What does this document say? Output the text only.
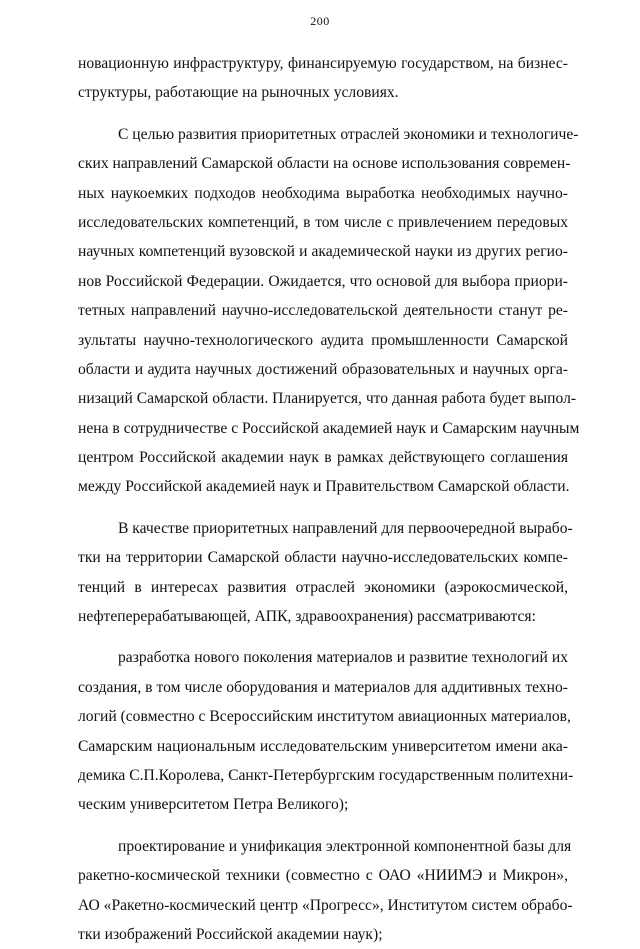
200
новационную инфраструктуру, финансируемую государством, на бизнес-
структуры, работающие на рыночных условиях.
С целью развития приоритетных отраслей экономики и технологиче-
ских направлений Самарской области на основе использования современ-
ных наукоемких подходов необходима выработка необходимых научно-
исследовательских компетенций, в том числе с привлечением передовых
научных компетенций вузовской и академической науки из других регио-
нов Российской Федерации. Ожидается, что основой для выбора приори-
тетных направлений научно-исследовательской деятельности станут ре-
зультаты научно-технологического аудита промышленности Самарской
области и аудита научных достижений образовательных и научных орга-
низаций Самарской области. Планируется, что данная работа будет выпол-
нена в сотрудничестве с Российской академией наук и Самарским научным
центром Российской академии наук в рамках действующего соглашения
между Российской академией наук и Правительством Самарской области.
В качестве приоритетных направлений для первоочередной вырабо-
тки на территории Самарской области научно-исследовательских компе-
тенций в интересах развития отраслей экономики (аэрокосмической,
нефтеперерабатывающей, АПК, здравоохранения) рассматриваются:
разработка нового поколения материалов и развитие технологий их
создания, в том числе оборудования и материалов для аддитивных техно-
логий (совместно с Всероссийским институтом авиационных материалов,
Самарским национальным исследовательским университетом имени ака-
демика С.П.Королева, Санкт-Петербургским государственным политехни-
ческим университетом Петра Великого);
проектирование и унификация электронной компонентной базы для
ракетно-космической техники (совместно с ОАО «НИИМЭ и Микрон»,
АО «Ракетно-космический центр «Прогресс», Институтом систем обрабо-
тки изображений Российской академии наук);
